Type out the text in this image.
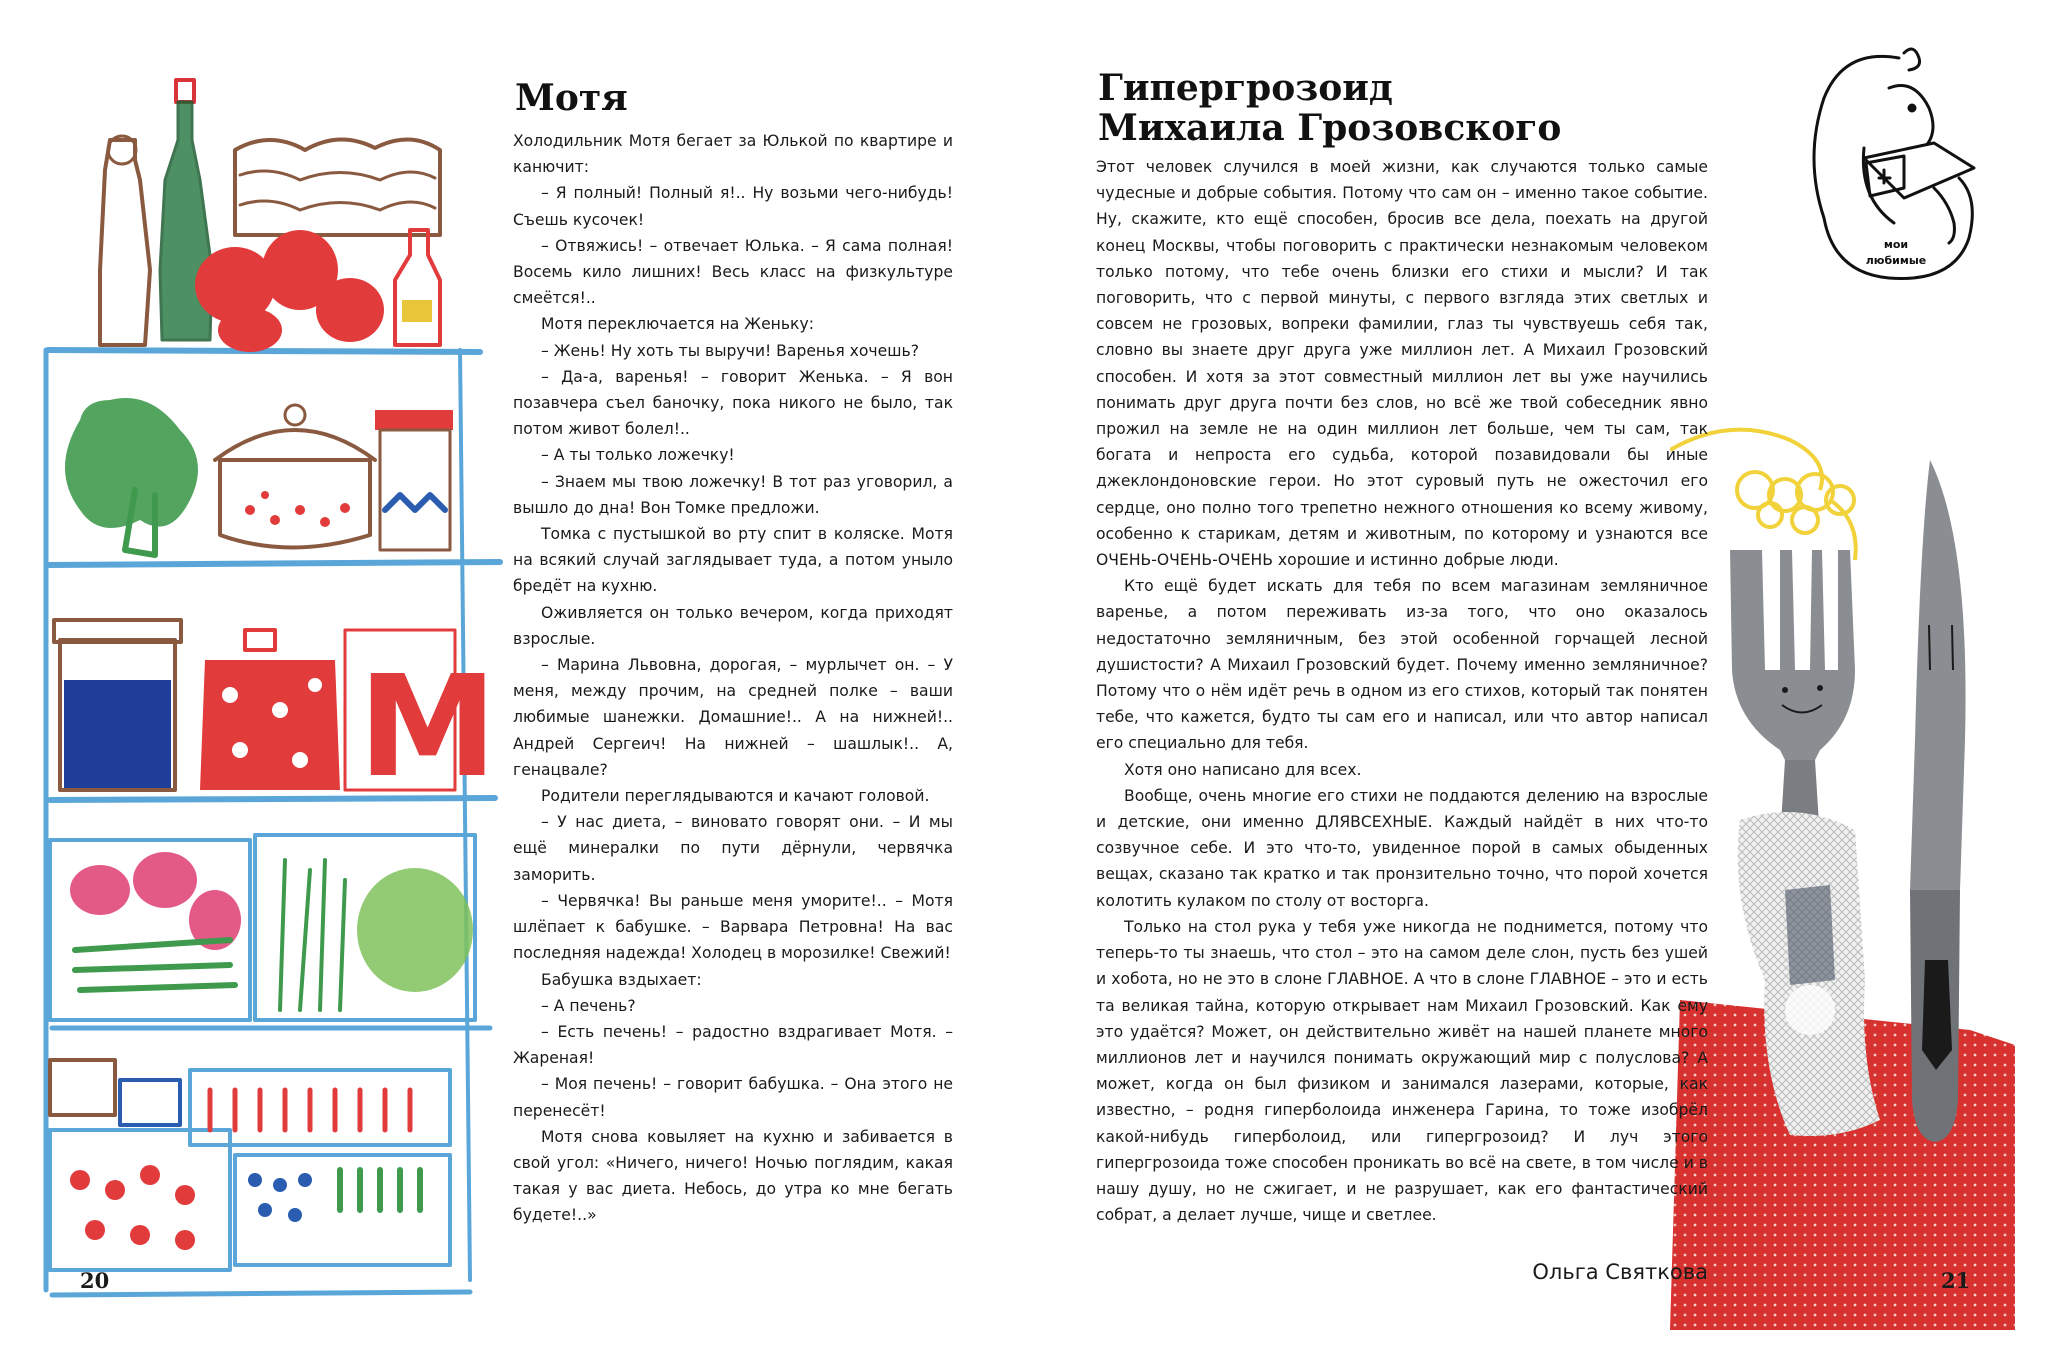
M
Мотя

Холодильник Мотя бегает за Юлькой по квартире и канючит:

– Я полный! Полный я!.. Ну возьми чего-нибудь! Съешь кусочек!

– Отвяжись! – отвечает Юлька. – Я сама полная! Восемь кило лишних! Весь класс на физкультуре смеётся!..

Мотя переключается на Женьку:

– Жень! Ну хоть ты выручи! Варенья хочешь?

– Да-а, варенья! – говорит Женька. – Я вон позавчера съел баночку, пока никого не было, так потом живот болел!..

– А ты только ложечку!

– Знаем мы твою ложечку! В тот раз уговорил, а вышло до дна! Вон Томке предложи.

Томка с пустышкой во рту спит в коляске. Мотя на всякий случай заглядывает туда, а потом уныло бредёт на кухню.

Оживляется он только вечером, когда приходят взрослые.

– Марина Львовна, дорогая, – мурлычет он. – У меня, между прочим, на средней полке – ваши любимые шанежки. Домашние!.. А на нижней!.. Андрей Сергеич! На нижней – шашлык!.. А, генацвале?

Родители переглядываются и качают головой.

– У нас диета, – виновато говорят они. – И мы ещё минералки по пути дёрнули, червячка заморить.

– Червячка! Вы раньше меня уморите!.. – Мотя шлёпает к бабушке. – Варвара Петровна! На вас последняя надежда! Холодец в морозилке! Свежий!

Бабушка вздыхает:

– А печень?

– Есть печень! – радостно вздрагивает Мотя. – Жареная!

– Моя печень! – говорит бабушка. – Она этого не перенесёт!

Мотя снова ковыляет на кухню и забивается в свой угол: «Ничего, ничего! Ночью поглядим, какая такая у вас диета. Небось, до утра ко мне бегать будете!..»

20
мои
любимые
Гипергрозоид
Михаила Грозовского

Этот человек случился в моей жизни, как случаются только самые чудесные и добрые события. Потому что сам он – именно такое событие. Ну, скажите, кто ещё способен, бросив все дела, поехать на другой конец Москвы, чтобы поговорить с практически незнакомым человеком только потому, что тебе очень близки его стихи и мысли? И так поговорить, что с первой минуты, с первого взгляда этих светлых и совсем не грозовых, вопреки фамилии, глаз ты чувствуешь себя так, словно вы знаете друг друга уже миллион лет. А Михаил Грозовский способен. И хотя за этот совместный миллион лет вы уже научились понимать друг друга почти без слов, но всё же твой собеседник явно прожил на земле не на один миллион лет больше, чем ты сам, так богата и непроста его судьба, которой позавидовали бы иные джеклондоновские герои. Но этот суровый путь не ожесточил его сердце, оно полно того трепетно нежного отношения ко всему живому, особенно к старикам, детям и животным, по которому и узнаются все ОЧЕНЬ-ОЧЕНЬ-ОЧЕНЬ хорошие и истинно добрые люди.

Кто ещё будет искать для тебя по всем магазинам земляничное варенье, а потом переживать из-за того, что оно оказалось недостаточно земляничным, без этой особенной горчащей лесной душистости? А Михаил Грозовский будет. Почему именно земляничное? Потому что о нём идёт речь в одном из его стихов, который так понятен тебе, что кажется, будто ты сам его и написал, или что автор написал его специально для тебя.

Хотя оно написано для всех.

Вообще, очень многие его стихи не поддаются делению на взрослые и детские, они именно ДЛЯВСЕХНЫЕ. Каждый найдёт в них что-то созвучное себе. И это что-то, увиденное порой в самых обыденных вещах, сказано так кратко и так пронзительно точно, что порой хочется колотить кулаком по столу от восторга.

Только на стол рука у тебя уже никогда не поднимется, потому что теперь-то ты знаешь, что стол – это на самом деле слон, пусть без ушей и хобота, но не это в слоне ГЛАВНОЕ. А что в слоне ГЛАВНОЕ – это и есть та великая тайна, которую открывает нам Михаил Грозовский. Как ему это удаётся? Может, он действительно живёт на нашей планете много миллионов лет и научился понимать окружающий мир с полуслова? А может, когда он был физиком и занимался лазерами, которые, как известно, – родня гиперболоида инженера Гарина, то тоже изобрёл какой-нибудь гиперболоид, или гипергрозоид? И луч этого гипергрозоида тоже способен проникать во всё на свете, в том числе и в нашу душу, но не сжигает, и не разрушает, как его фантастический собрат, а делает лучше, чище и светлее.

Ольга Святкова	21
